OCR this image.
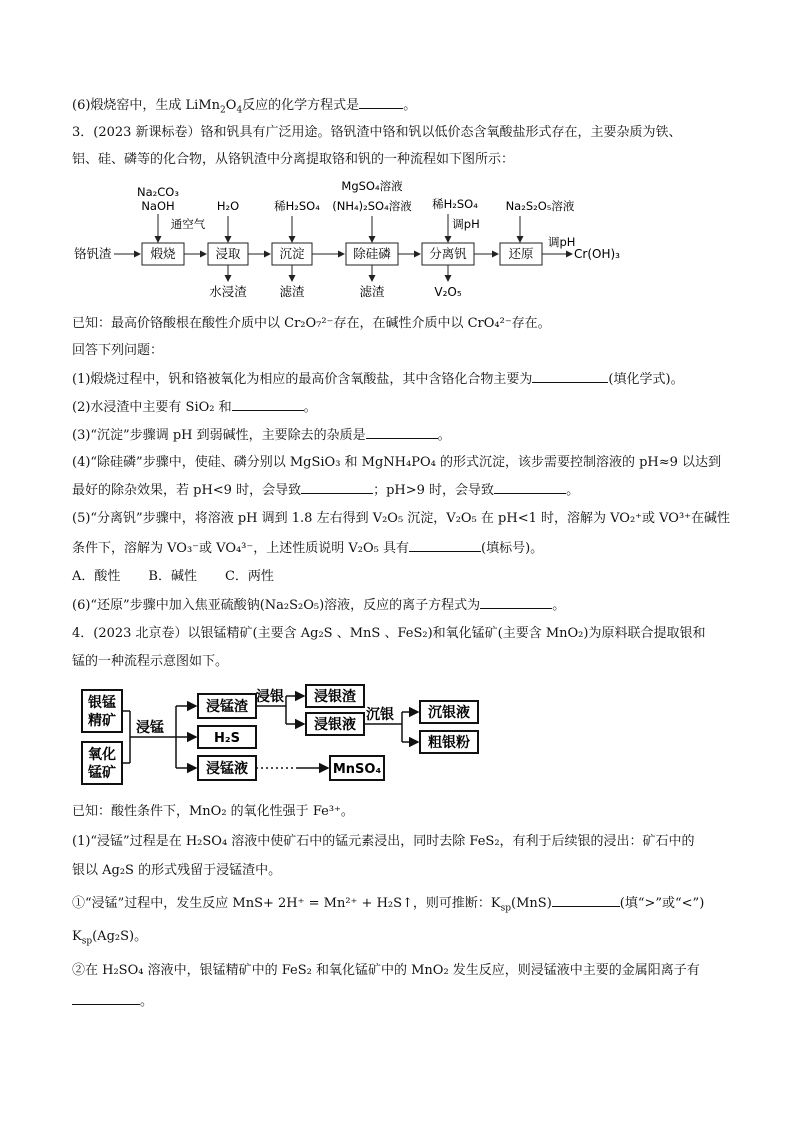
(6)煅烧窑中，生成 $LiMn_2O_4$反应的化学方程式是	。
3．(2023 新课标卷）铬和钒具有广泛用途。铬钒渣中铬和钒以低价态含氧酸盐形式存在，主要杂质为铁、
铝、硅、磷等的化合物，从铬钒渣中分离提取铬和钒的一种流程如下图所示：
Na₂CO₃
NaOH
通空气
H₂O	稀H₂SO₄
MgSO₄溶液
(NH₄)₂SO₄溶液 稀H₂SO₄
调pH
Na₂S₂O₅溶液
铬钒渣	煅烧	浸取	沉淀	除硅磷	分离钒	还原
调pH
Cr(OH)₃
水浸渣	滤渣	滤渣	V₂O₅
已知：最高价铬酸根在酸性介质中以 Cr₂O₇²⁻存在，在碱性介质中以 CrO₄²⁻存在。
回答下列问题：
(1)煅烧过程中，钒和铬被氧化为相应的最高价含氧酸盐，其中含铬化合物主要为	(填化学式)。
(2)水浸渣中主要有 SiO₂ 和	。
(3)“沉淀”步骤调 pH 到弱碱性，主要除去的杂质是	。
(4)“除硅磷”步骤中，使硅、磷分别以 MgSiO₃ 和 MgNH₄PO₄ 的形式沉淀，该步需要控制溶液的 pH≈9 以达到
最好的除杂效果，若 pH<9 时，会导致	；pH>9 时，会导致	。
(5)“分离钒”步骤中，将溶液 pH 调到 1.8 左右得到 V₂O₅ 沉淀，V₂O₅ 在 pH<1 时，溶解为 VO₂⁺或 VO³⁺在碱性
条件下，溶解为 VO₃⁻或 VO₄³⁻，上述性质说明 V₂O₅ 具有	(填标号)。
A．酸性 B．碱性 C．两性
(6)“还原”步骤中加入焦亚硫酸钠(Na₂S₂O₅)溶液，反应的离子方程式为	。
4．(2023 北京卷）以银锰精矿(主要含 Ag₂S 、MnS 、FeS₂)和氧化锰矿(主要含 MnO₂)为原料联合提取银和
锰的一种流程示意图如下。
银锰
精矿
氧化
锰矿
浸锰
浸锰渣
H₂S
浸锰液
浸银 浸银渣
浸银液
沉银 沉银液
粗银粉
MnSO₄
已知：酸性条件下，MnO₂ 的氧化性强于 Fe³⁺。
(1)“浸锰”过程是在 H₂SO₄ 溶液中使矿石中的锰元素浸出，同时去除 FeS₂，有利于后续银的浸出：矿石中的
银以 Ag₂S 的形式残留于浸锰渣中。
①“浸锰”过程中，发生反应 MnS+ 2H⁺ = Mn²⁺ + H₂S↑，则可推断：$K_{sp}(MnS)$	(填“>”或“<”)
$K_{sp}(Ag_2S)$。
②在 H₂SO₄ 溶液中，银锰精矿中的 FeS₂ 和氧化锰矿中的 MnO₂ 发生反应，则浸锰液中主要的金属阳离子有
。
